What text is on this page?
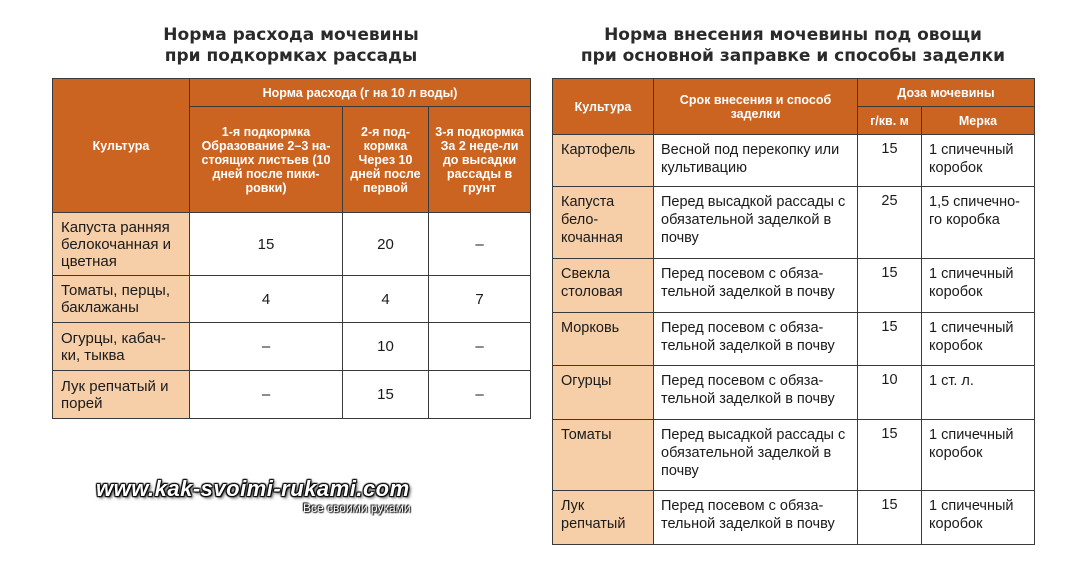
Норма расхода мочевины
при подкормках рассады
Норма внесения мочевины под овощи
при основной заправке и способы заделки
Культура	Норма расхода (г на 10 л воды)		
	1-я подкормка Образование 2–3 на-стоящих листьев (10 дней после пики-ровки)	2-я под-кормка Через 10 дней после первой	3-я подкормка За 2 неде-ли до высадки рассады в грунт
Капуста ранняя белокочанная и цветная	15	20	–
Томаты, перцы, баклажаны	4	4	7
Огурцы, кабач-ки, тыква	–	10	–
Лук репчатый и порей	–	15	–
Культура	Срок внесения и способ заделки	Доза мочевины	
		г/кв. м	Мерка
Картофель	Весной под перекопку или культивацию	15	1 спичечный коробок
Капуста бело-кочанная	Перед высадкой рассады с обязательной заделкой в почву	25	1,5 спичечно-го коробка
Свекла столовая	Перед посевом с обяза-тельной заделкой в почву	15	1 спичечный коробок
Морковь	Перед посевом с обяза-тельной заделкой в почву	15	1 спичечный коробок
Огурцы	Перед посевом с обяза-тельной заделкой в почву	10	1 ст. л.
Томаты	Перед высадкой рассады с обязательной заделкой в почву	15	1 спичечный коробок
Лук репчатый	Перед посевом с обяза-тельной заделкой в почву	15	1 спичечный коробок
www.kak-svoimi-rukami.com
Все своими руками
